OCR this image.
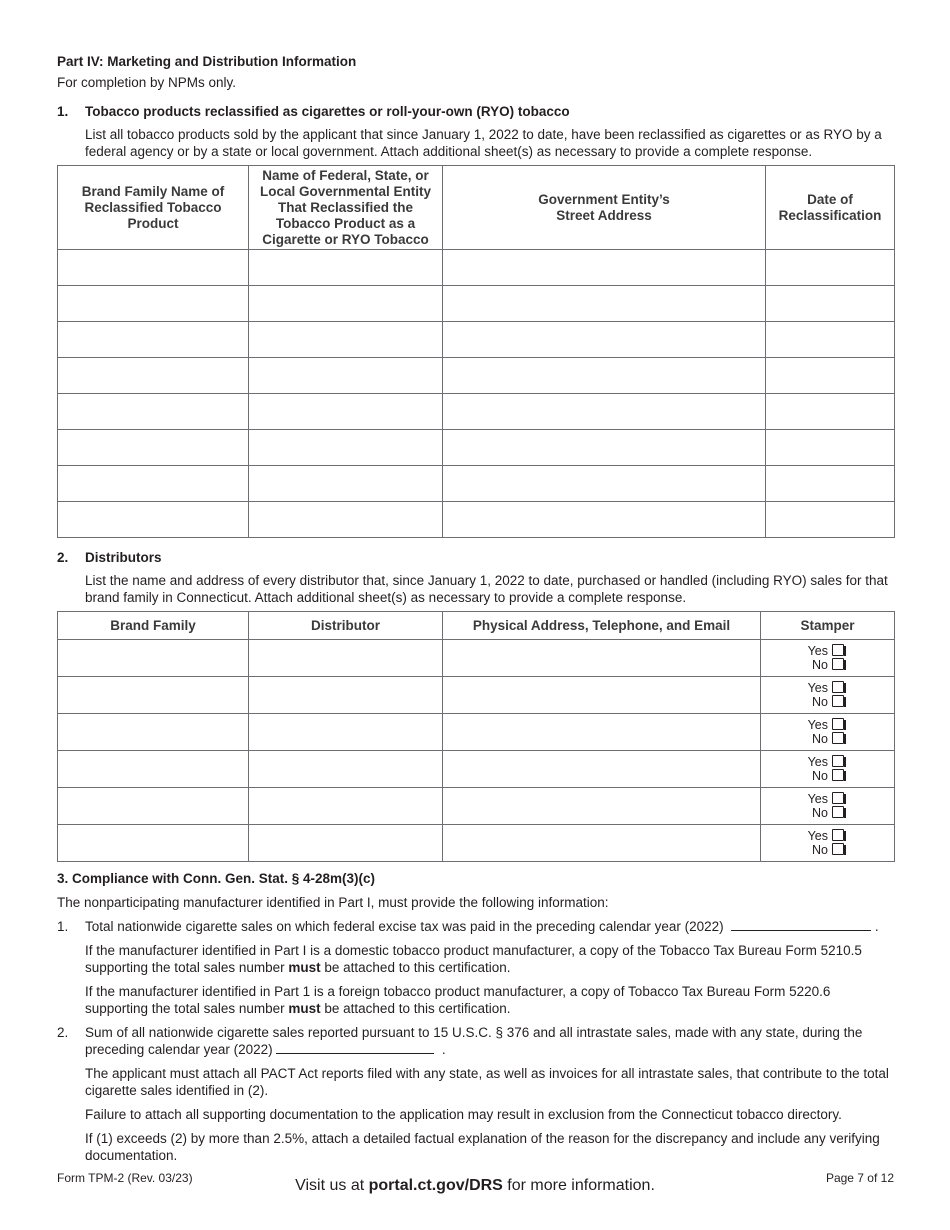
Part IV: Marketing and Distribution Information

For completion by NPMs only.

1. Tobacco products reclassified as cigarettes or roll-your-own (RYO) tobacco

List all tobacco products sold by the applicant that since January 1, 2022 to date, have been reclassified as cigarettes or as RYO by a federal agency or by a state or local government. Attach additional sheet(s) as necessary to provide a complete response.

Brand Family Name of Reclassified Tobacco Product	Name of Federal, State, or Local Governmental Entity That Reclassified the Tobacco Product as a Cigarette or RYO Tobacco	Government Entity’s Street Address	Date of Reclassification

2. Distributors

List the name and address of every distributor that, since January 1, 2022 to date, purchased or handled (including RYO) sales for that brand family in Connecticut. Attach additional sheet(s) as necessary to provide a complete response.

Brand Family	Distributor	Physical Address, Telephone, and Email	Stamper

			Yes
No

			Yes
No

			Yes
No

			Yes
No

			Yes
No

			Yes
No

3. Compliance with Conn. Gen. Stat. § 4-28m(3)(c)

The nonparticipating manufacturer identified in Part I, must provide the following information:

1. Total nationwide cigarette sales on which federal excise tax was paid in the preceding calendar year (2022)	.

If the manufacturer identified in Part I is a domestic tobacco product manufacturer, a copy of the Tobacco Tax Bureau Form 5210.5 supporting the total sales number must be attached to this certification.

If the manufacturer identified in Part 1 is a foreign tobacco product manufacturer, a copy of Tobacco Tax Bureau Form 5220.6 supporting the total sales number must be attached to this certification.

2. Sum of all nationwide cigarette sales reported pursuant to 15 U.S.C. § 376 and all intrastate sales, made with any state, during the preceding calendar year (2022)	.

The applicant must attach all PACT Act reports filed with any state, as well as invoices for all intrastate sales, that contribute to the total cigarette sales identified in (2).

Failure to attach all supporting documentation to the application may result in exclusion from the Connecticut tobacco directory.

If (1) exceeds (2) by more than 2.5%, attach a detailed factual explanation of the reason for the discrepancy and include any verifying documentation.

Form TPM-2 (Rev. 03/23)	Visit us at portal.ct.gov/DRS for more information.	Page 7 of 12
